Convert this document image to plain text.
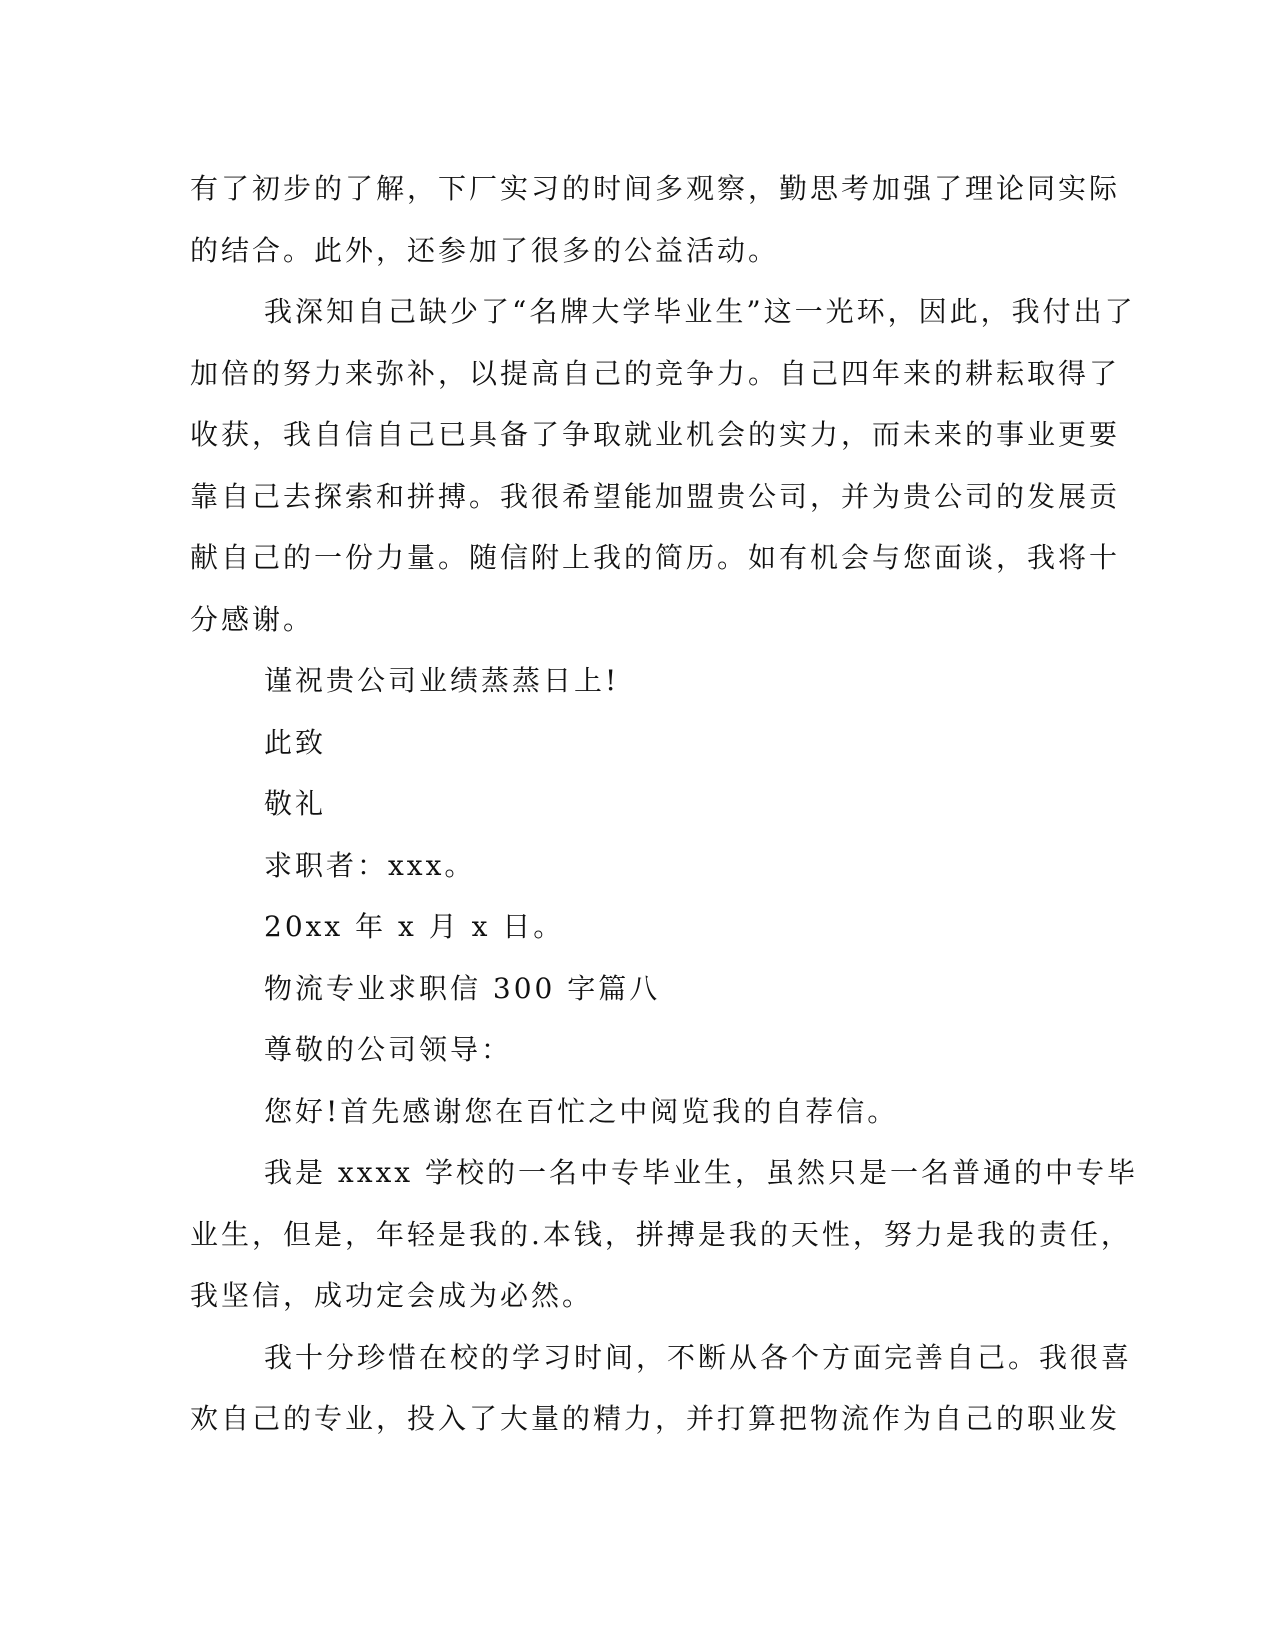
有了初步的了解，下厂实习的时间多观察，勤思考加强了理论同实际
的结合。此外，还参加了很多的公益活动。
我深知自己缺少了“名牌大学毕业生”这一光环，因此，我付出了
加倍的努力来弥补，以提高自己的竞争力。自己四年来的耕耘取得了
收获，我自信自己已具备了争取就业机会的实力，而未来的事业更要
靠自己去探索和拼搏。我很希望能加盟贵公司，并为贵公司的发展贡
献自己的一份力量。随信附上我的简历。如有机会与您面谈，我将十
分感谢。
谨祝贵公司业绩蒸蒸日上!
此致
敬礼
求职者：xxx。
20xx 年 x 月 x 日。
物流专业求职信 300 字篇八
尊敬的公司领导：
您好!首先感谢您在百忙之中阅览我的自荐信。
我是 xxxx 学校的一名中专毕业生，虽然只是一名普通的中专毕
业生，但是，年轻是我的.本钱，拼搏是我的天性，努力是我的责任，
我坚信，成功定会成为必然。
我十分珍惜在校的学习时间，不断从各个方面完善自己。我很喜
欢自己的专业，投入了大量的精力，并打算把物流作为自己的职业发
